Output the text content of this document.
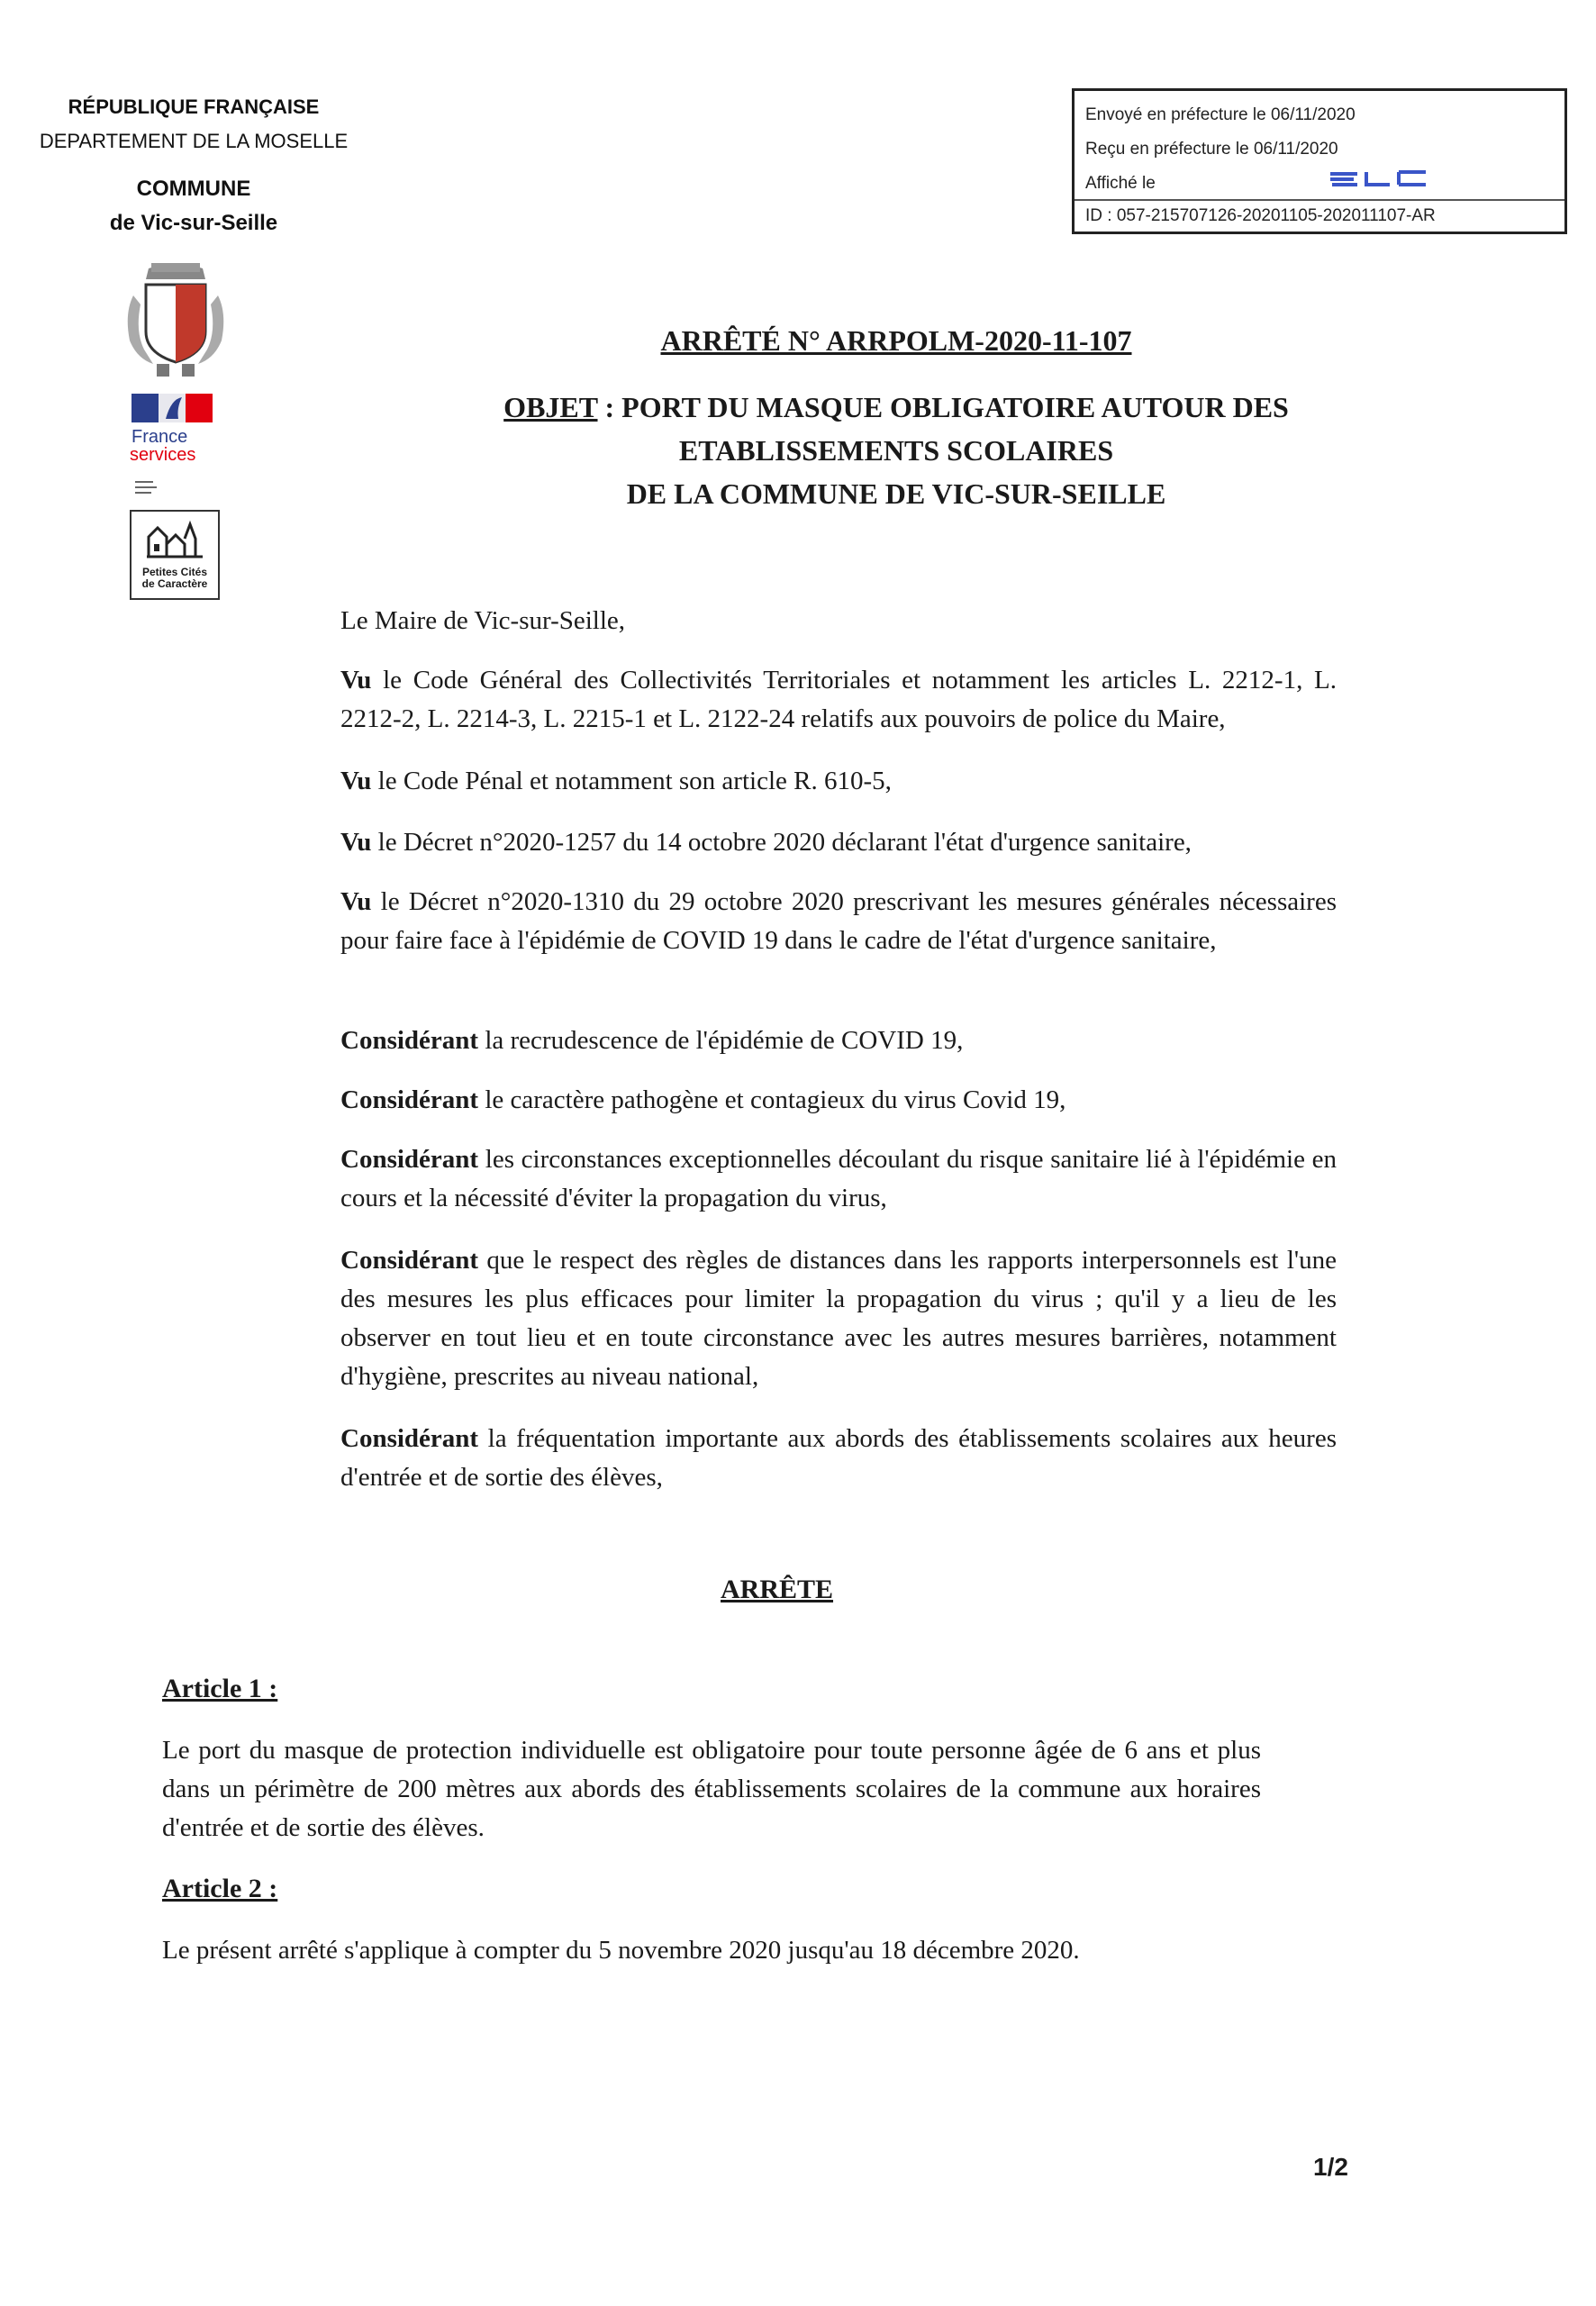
RÉPUBLIQUE FRANÇAISE
DEPARTEMENT DE LA MOSELLE
COMMUNE
de Vic-sur-Seille
France
services
Petites Cités
de Caractère
Envoyé en préfecture le 06/11/2020
Reçu en préfecture le 06/11/2020
Affiché le
ID : 057-215707126-20201105-202011107-AR
ARRÊTÉ N° ARRPOLM-2020-11-107
OBJET : PORT DU MASQUE OBLIGATOIRE AUTOUR DES
ETABLISSEMENTS SCOLAIRES
DE LA COMMUNE DE VIC-SUR-SEILLE
Le Maire de Vic-sur-Seille,
Vu le Code Général des Collectivités Territoriales et notamment les articles L. 2212-1, L. 2212-2, L. 2214-3, L. 2215-1 et L. 2122-24 relatifs aux pouvoirs de police du Maire,
Vu le Code Pénal et notamment son article R. 610-5,
Vu le Décret n°2020-1257 du 14 octobre 2020 déclarant l'état d'urgence sanitaire,
Vu le Décret n°2020-1310 du 29 octobre 2020 prescrivant les mesures générales nécessaires pour faire face à l'épidémie de COVID 19 dans le cadre de l'état d'urgence sanitaire,
Considérant la recrudescence de l'épidémie de COVID 19,
Considérant le caractère pathogène et contagieux du virus Covid 19,
Considérant les circonstances exceptionnelles découlant du risque sanitaire lié à l'épidémie en cours et la nécessité d'éviter la propagation du virus,
Considérant que le respect des règles de distances dans les rapports interpersonnels est l'une des mesures les plus efficaces pour limiter la propagation du virus ; qu'il y a lieu de les observer en tout lieu et en toute circonstance avec les autres mesures barrières, notamment d'hygiène, prescrites au niveau national,
Considérant la fréquentation importante aux abords des établissements scolaires aux heures d'entrée et de sortie des élèves,
ARRÊTE
Article 1 :
Le port du masque de protection individuelle est obligatoire pour toute personne âgée de 6 ans et plus dans un périmètre de 200 mètres aux abords des établissements scolaires de la commune aux horaires d'entrée et de sortie des élèves.
Article 2 :
Le présent arrêté s'applique à compter du 5 novembre 2020 jusqu'au 18 décembre 2020.
1/2
